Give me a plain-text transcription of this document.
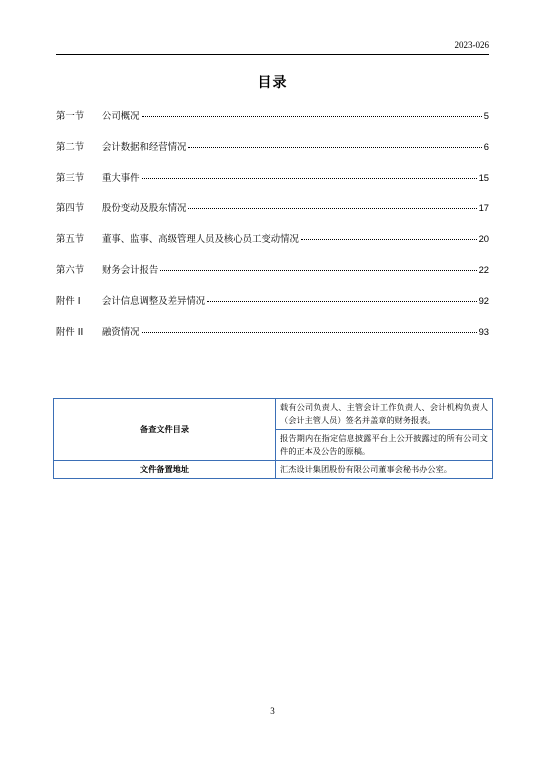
2023-026
目录
第一节	公司概况	5
第二节	会计数据和经营情况	6
第三节	重大事件	15
第四节	股份变动及股东情况	17
第五节	董事、监事、高级管理人员及核心员工变动情况	20
第六节	财务会计报告	22
附件 I	会计信息调整及差异情况	92
附件 II	融资情况	93
备查文件目录	载有公司负责人、主管会计工作负责人、会计机构负责人（会计主管人员）签名并盖章的财务报表。
	报告期内在指定信息披露平台上公开披露过的所有公司文件的正本及公告的原稿。
文件备置地址	汇杰设计集团股份有限公司董事会秘书办公室。
3
